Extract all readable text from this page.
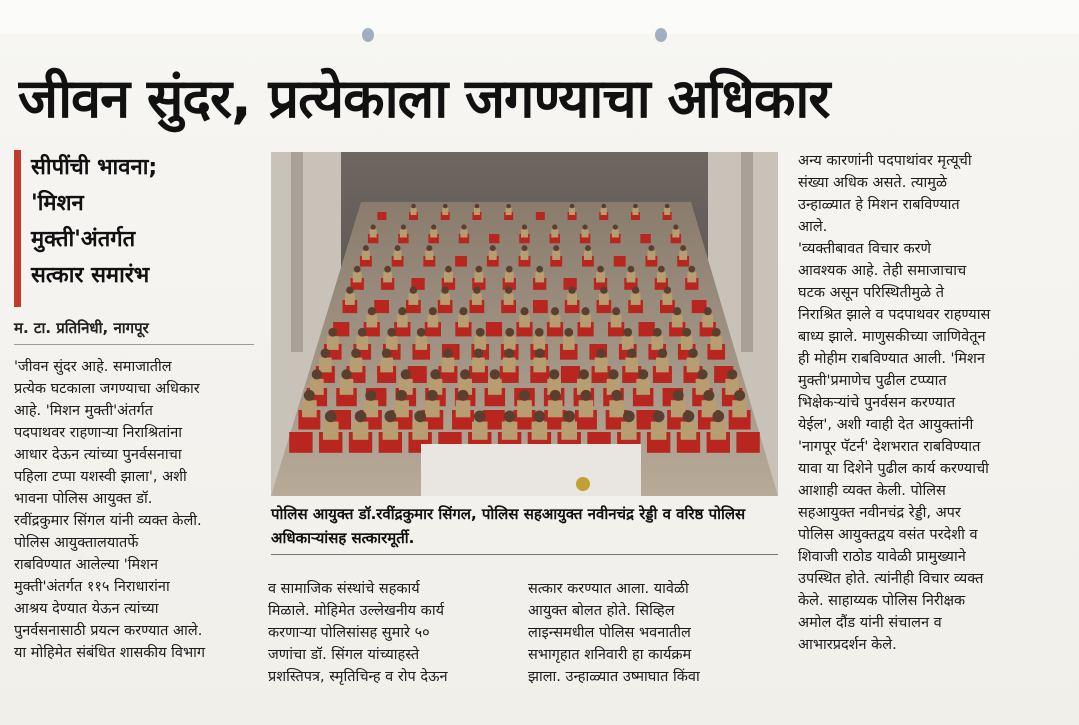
जीवन सुंदर, प्रत्येकाला जगण्याचा अधिकार
सीपींची भावना;
'मिशन
मुक्ती'अंतर्गत
सत्कार समारंभ
म. टा. प्रतिनिधी, नागपूर

'जीवन सुंदर आहे. समाजातील

प्रत्येक घटकाला जगण्याचा अधिकार

आहे. 'मिशन मुक्ती'अंतर्गत

पदपाथवर राहणाऱ्या निराश्रितांना

आधार देऊन त्यांच्या पुनर्वसनाचा

पहिला टप्पा यशस्वी झाला', अशी

भावना पोलिस आयुक्त डॉ.

रवींद्रकुमार सिंगल यांनी व्यक्त केली.

पोलिस आयुक्तालयातर्फे

राबविण्यात आलेल्या 'मिशन

मुक्ती'अंतर्गत ११५ निराधारांना

आश्रय देण्यात येऊन त्यांच्या

पुनर्वसनासाठी प्रयत्न करण्यात आले.

या मोहिमेत संबंधित शासकीय विभाग

पोलिस आयुक्त डॉ.रवींद्रकुमार सिंगल, पोलिस सहआयुक्त नवीनचंद्र रेड्डी व वरिष्ठ पोलिस अधिकाऱ्यांसह सत्कारमूर्ती.

व सामाजिक संस्थांचे सहकार्य

मिळाले. मोहिमेत उल्लेखनीय कार्य

करणाऱ्या पोलिसांसह सुमारे ५०

जणांचा डॉ. सिंगल यांच्याहस्ते

प्रशस्तिपत्र, स्मृतिचिन्ह व रोप देऊन

सत्कार करण्यात आला. यावेळी

आयुक्त बोलत होते. सिव्हिल

लाइन्समधील पोलिस भवनातील

सभागृहात शनिवारी हा कार्यक्रम

झाला. उन्हाळ्यात उष्माघात किंवा

अन्य कारणांनी पदपाथांवर मृत्यूची

संख्या अधिक असते. त्यामुळे

उन्हाळ्यात हे मिशन राबविण्यात

आले.

'व्यक्तीबावत विचार करणे

आवश्यक आहे. तेही समाजाचाच

घटक असून परिस्थितीमुळे ते

निराश्रित झाले व पदपाथवर राहण्यास

बाध्य झाले. माणुसकीच्या जाणिवेतून

ही मोहीम राबविण्यात आली. 'मिशन

मुक्ती'प्रमाणेच पुढील टप्प्यात

भिक्षेकऱ्यांचे पुनर्वसन करण्यात

येईल', अशी ग्वाही देत आयुक्तांनी

'नागपूर पॅटर्न' देशभरात राबविण्यात

यावा या दिशेने पुढील कार्य करण्याची

आशाही व्यक्त केली. पोलिस

सहआयुक्त नवीनचंद्र रेड्डी, अपर

पोलिस आयुक्तद्वय वसंत परदेशी व

शिवाजी राठोड यावेळी प्रामुख्याने

उपस्थित होते. त्यांनीही विचार व्यक्त

केले. साहाय्यक पोलिस निरीक्षक

अमोल दौंड यांनी संचालन व

आभारप्रदर्शन केले.
